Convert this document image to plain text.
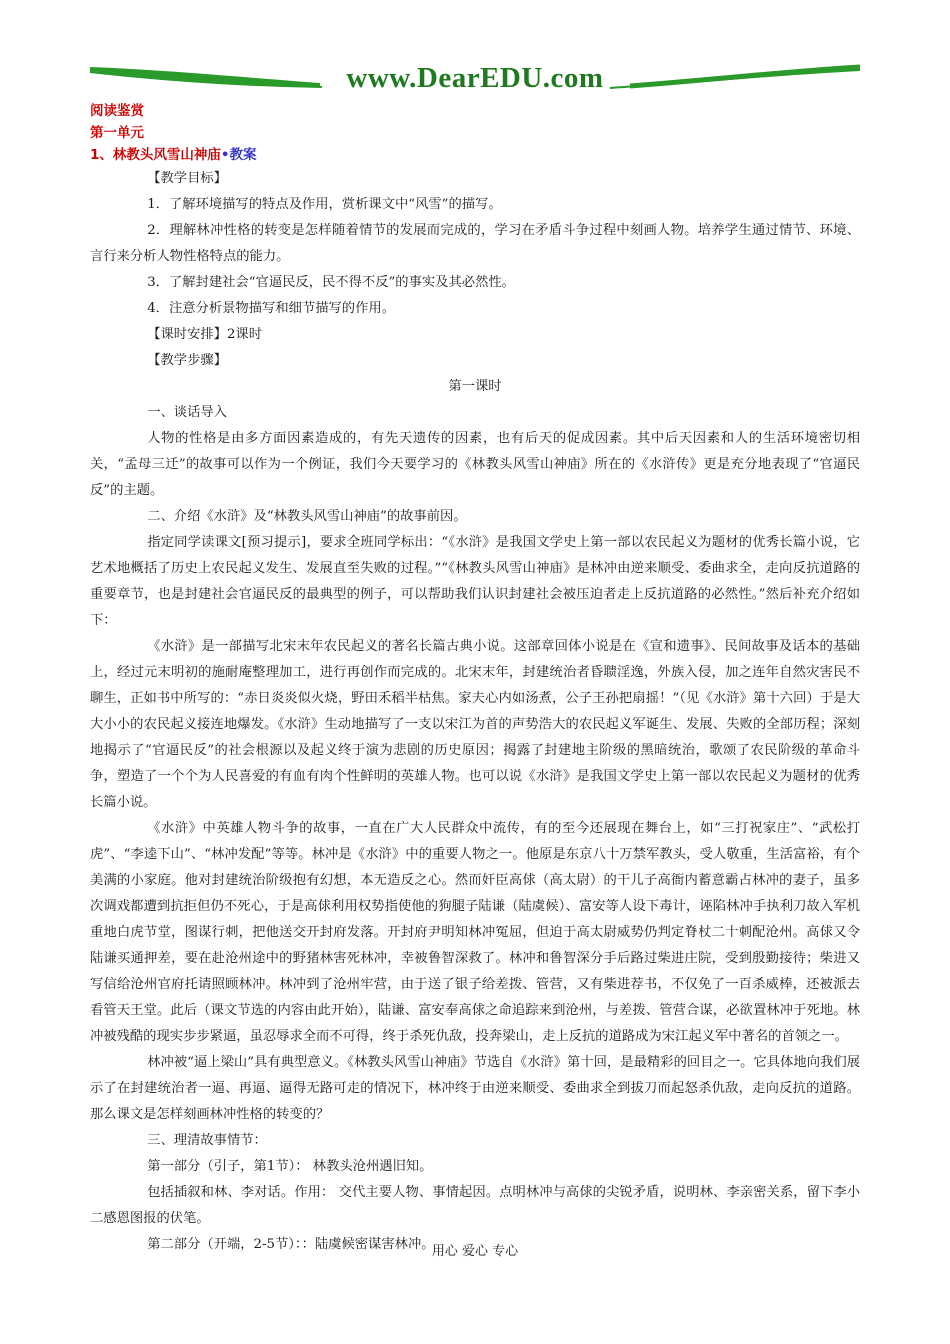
www.DearEDU.com
阅读鉴赏
第一单元
1、林教头风雪山神庙•教案

【教学目标】

1．了解环境描写的特点及作用，赏析课文中“风雪”的描写。

2．理解林冲性格的转变是怎样随着情节的发展而完成的，学习在矛盾斗争过程中刻画人物。培养学生通过情节、环境、言行来分析人物性格特点的能力。

3．了解封建社会“官逼民反，民不得不反”的事实及其必然性。

4．注意分析景物描写和细节描写的作用。

【课时安排】2课时

【教学步骤】

第一课时

一、谈话导入

人物的性格是由多方面因素造成的，有先天遗传的因素，也有后天的促成因素。其中后天因素和人的生活环境密切相关，“孟母三迁”的故事可以作为一个例证，我们今天要学习的《林教头风雪山神庙》所在的《水浒传》更是充分地表现了“官逼民反”的主题。

二、介绍《水浒》及“林教头风雪山神庙”的故事前因。

指定同学读课文[预习提示]，要求全班同学标出：“《水浒》是我国文学史上第一部以农民起义为题材的优秀长篇小说，它艺术地概括了历史上农民起义发生、发展直至失败的过程。”“《林教头风雪山神庙》是林冲由逆来顺受、委曲求全，走向反抗道路的重要章节，也是封建社会官逼民反的最典型的例子，可以帮助我们认识封建社会被压迫者走上反抗道路的必然性。”然后补充介绍如下：

《水浒》是一部描写北宋末年农民起义的著名长篇古典小说。这部章回体小说是在《宣和遗事》、民间故事及话本的基础上，经过元末明初的施耐庵整理加工，进行再创作而完成的。北宋末年，封建统治者昏聩淫逸，外族入侵，加之连年自然灾害民不聊生，正如书中所写的：“赤日炎炎似火烧，野田禾稻半枯焦。家夫心内如汤煮，公子王孙把扇摇！”（见《水浒》第十六回）于是大大小小的农民起义接连地爆发。《水浒》生动地描写了一支以宋江为首的声势浩大的农民起义军诞生、发展、失败的全部历程；深刻地揭示了“官逼民反”的社会根源以及起义终于演为悲剧的历史原因；揭露了封建地主阶级的黑暗统治，歌颂了农民阶级的革命斗争，塑造了一个个为人民喜爱的有血有肉个性鲜明的英雄人物。也可以说《水浒》是我国文学史上第一部以农民起义为题材的优秀长篇小说。

《水浒》中英雄人物斗争的故事，一直在广大人民群众中流传，有的至今还展现在舞台上，如“三打祝家庄”、“武松打虎”、“李逵下山”、“林冲发配”等等。林冲是《水浒》中的重要人物之一。他原是东京八十万禁军教头，受人敬重，生活富裕，有个美满的小家庭。他对封建统治阶级抱有幻想，本无造反之心。然而奸臣高俅（高太尉）的干儿子高衙内蓄意霸占林冲的妻子，虽多次调戏都遭到抗拒但仍不死心，于是高俅利用权势指使他的狗腿子陆谦（陆虞候）、富安等人设下毒计，诬陷林冲手执利刀故入军机重地白虎节堂，图谋行刺，把他送交开封府发落。开封府尹明知林冲冤屈，但迫于高太尉威势仍判定脊杖二十刺配沧州。高俅又令陆谦买通押差，要在赴沧州途中的野猪林害死林冲，幸被鲁智深救了。林冲和鲁智深分手后路过柴进庄院，受到殷勤接待；柴进又写信给沧州官府托请照顾林冲。林冲到了沧州牢营，由于送了银子给差拨、管营，又有柴进荐书，不仅免了一百杀威棒，还被派去看管天王堂。此后（课文节选的内容由此开始），陆谦、富安奉高俅之命追踪来到沧州，与差拨、管营合谋，必欲置林冲于死地。林冲被残酷的现实步步紧逼，虽忍辱求全而不可得，终于杀死仇敌，投奔梁山，走上反抗的道路成为宋江起义军中著名的首领之一。

林冲被“逼上梁山”具有典型意义。《林教头风雪山神庙》节选自《水浒》第十回，是最精彩的回目之一。它具体地向我们展示了在封建统治者一逼、再逼、逼得无路可走的情况下，林冲终于由逆来顺受、委曲求全到拔刀而起怒杀仇敌，走向反抗的道路。那么课文是怎样刻画林冲性格的转变的？

三、理清故事情节：

第一部分（引子，第1节）： 林教头沧州遇旧知。

包括插叙和林、李对话。作用： 交代主要人物、事情起因。点明林冲与高俅的尖锐矛盾，说明林、李亲密关系，留下李小二感恩图报的伏笔。

第二部分（开端，2-5节）：：陆虞候密谋害林冲。

用心 爱心 专心
